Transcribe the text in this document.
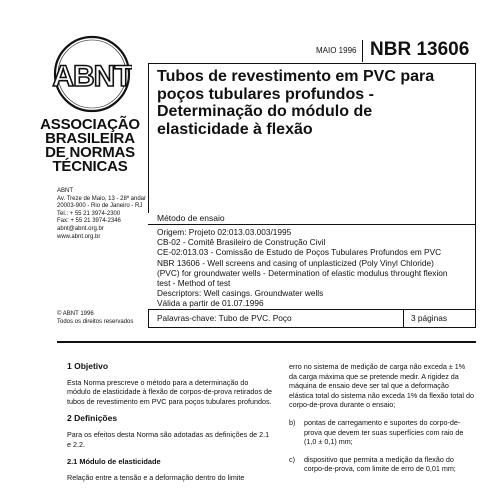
ABNT
ASSOCIAÇÃO
BRASILEIRA
DE NORMAS
TÉCNICAS
ABNT
Av. Treze de Maio, 13 - 28º andar
20003-900 - Rio de Janeiro - RJ
Tel.: + 55 21 3974-2300
Fax: + 55 21 3974-2346
abnt@abnt.org.br
www.abnt.org.br
© ABNT 1996
Todos os direitos reservados
MAIO 1996 NBR 13606
Tubos de revestimento em PVC para
poços tubulares profundos -
Determinação do módulo de
elasticidade à flexão
Método de ensaio
Origem: Projeto 02:013.03.003/1995
CB-02 - Comitê Brasileiro de Construção Civil
CE-02:013.03 - Comissão de Estudo de Poços Tubulares Profundos em PVC
NBR 13606 - Well screens and casing of unplasticized (Poly Vinyl Chloride)
(PVC) for groundwater wells - Determination of elastic modulus throught flexion
test - Method of test
Descriptors: Well casings. Groundwater wells
Válida a partir de 01.07.1996
Palavras-chave: Tubo de PVC. Poço	3 páginas
1 Objetivo
Esta Norma prescreve o método para a determinação do módulo de elasticidade à flexão de corpos-de-prova retirados de tubos de revestimento em PVC para poços tubulares profundos.
2 Definições
Para os efeitos desta Norma são adotadas as definições de 2.1 e 2.2.
2.1 Módulo de elasticidade
Relação entre a tensão e a deformação dentro do limite
erro no sistema de medição de carga não exceda ± 1% da carga máxima que se pretende medir. A rigidez da máquina de ensaio deve ser tal que a deformação elástica total do sistema não exceda 1% da flexão total do corpo-de-prova durante o ensaio;
b)	pontas de carregamento e suportes do corpo-de-prova que devem ter suas superfícies com raio de (1,0 ± 0,1) mm;
c)	dispositivo que permita a medição da flexão do corpo-de-prova, com limite de erro de 0,01 mm;
